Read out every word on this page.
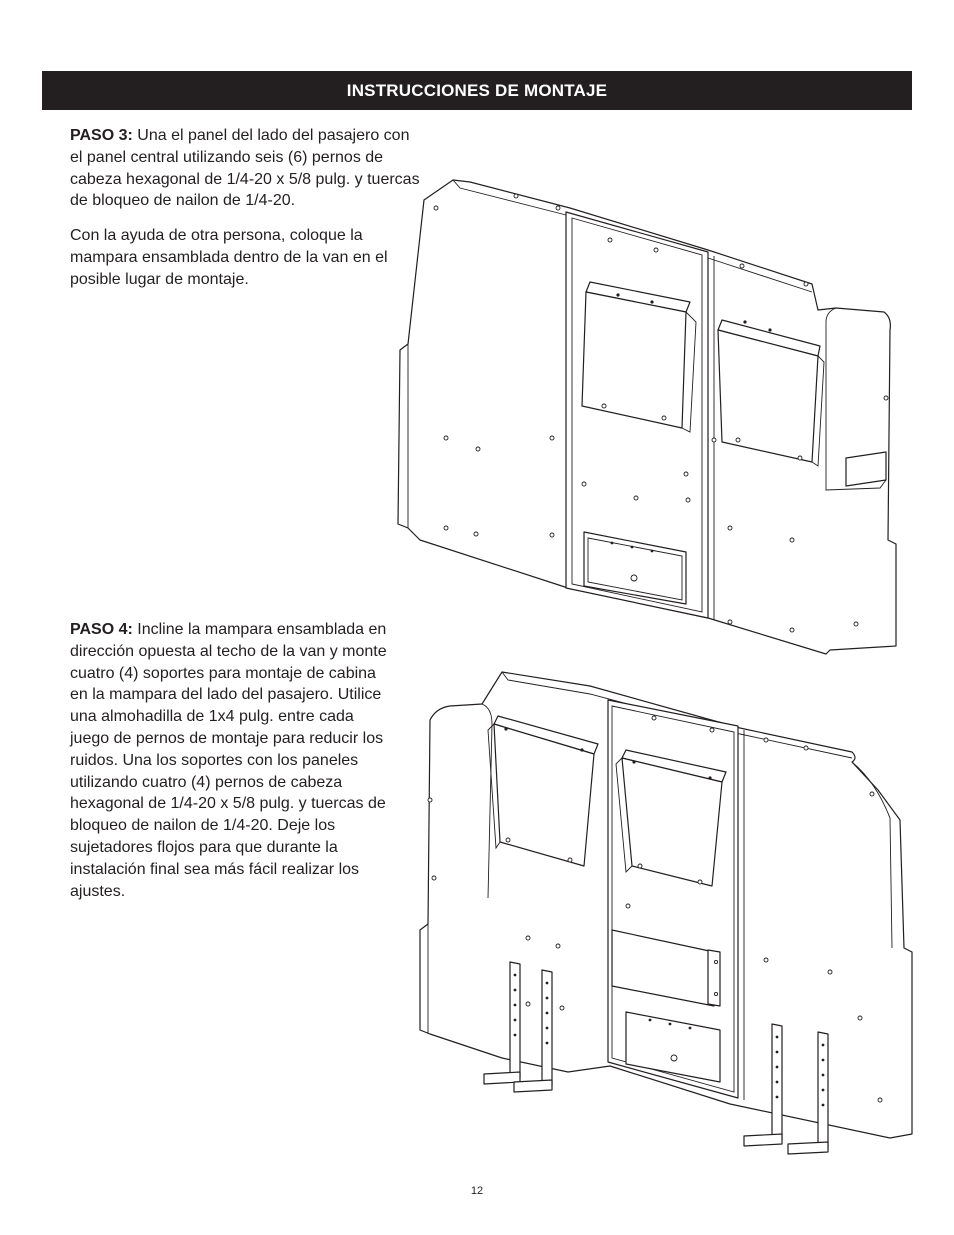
INSTRUCCIONES DE MONTAJE

PASO 3: Una el panel del lado del pasajero con el panel central utilizando seis (6) pernos de cabeza hexagonal de 1/4-20 x 5/8 pulg. y tuercas de bloqueo de nailon de 1/4-20.

Con la ayuda de otra persona, coloque la mampara ensamblada dentro de la van en el posible lugar de montaje.

PASO 4: Incline la mampara ensamblada en dirección opuesta al techo de la van y monte cuatro (4) soportes para montaje de cabina en la mampara del lado del pasajero. Utilice una almohadilla de 1x4 pulg. entre cada juego de pernos de montaje para reducir los ruidos. Una los soportes con los paneles utilizando cuatro (4) pernos de cabeza hexagonal de 1/4-20 x 5/8 pulg. y tuercas de bloqueo de nailon de 1/4-20. Deje los sujetadores flojos para que durante la instalación final sea más fácil realizar los ajustes.

12
